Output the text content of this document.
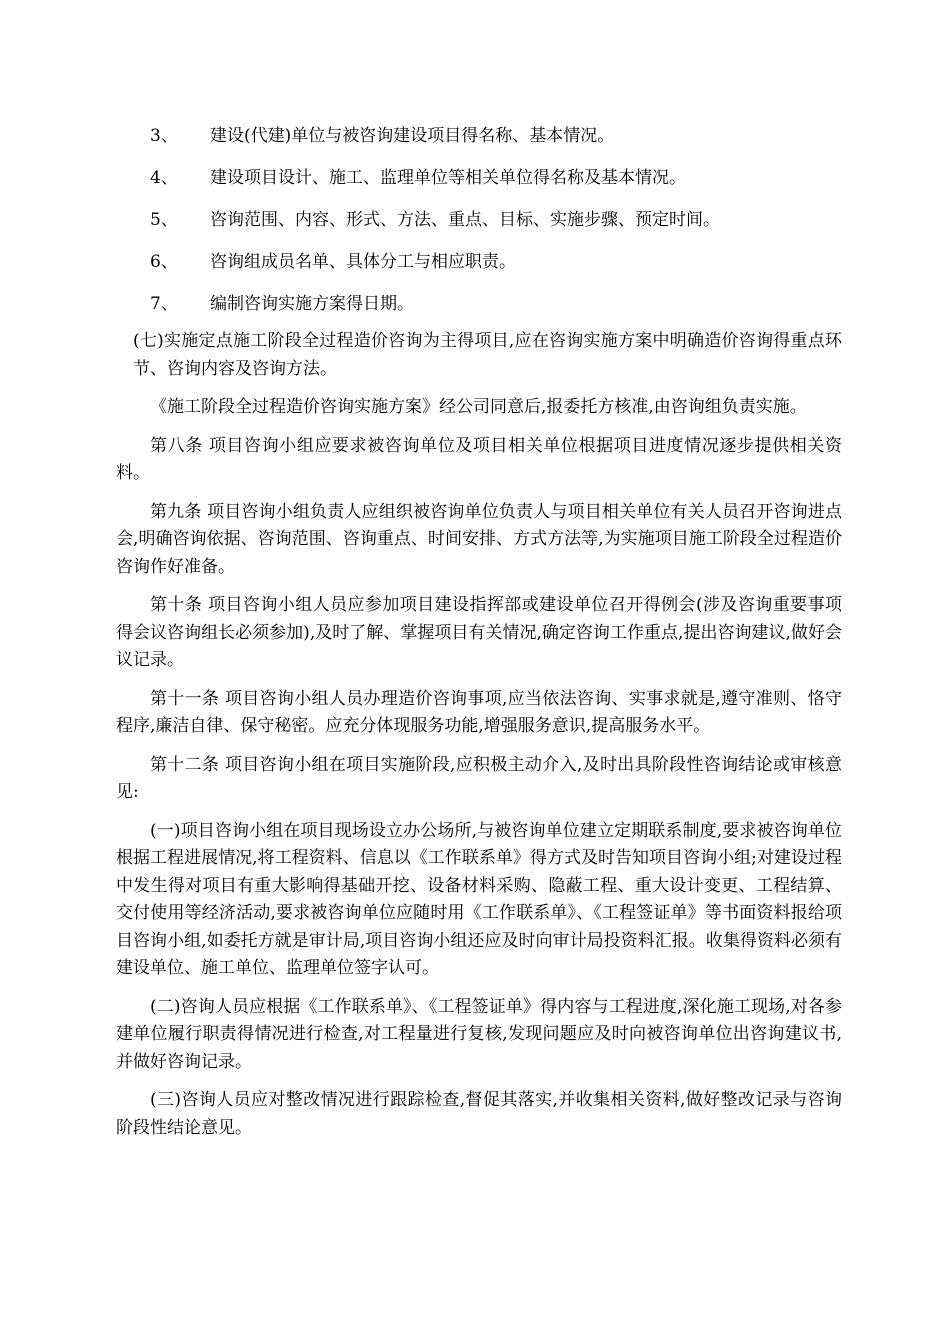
3、 建设(代建)单位与被咨询建设项目得名称、基本情况。
4、 建设项目设计、施工、监理单位等相关单位得名称及基本情况。
5、 咨询范围、内容、形式、方法、重点、目标、实施步骤、预定时间。
6、 咨询组成员名单、具体分工与相应职责。
7、 编制咨询实施方案得日期。

(七)实施定点施工阶段全过程造价咨询为主得项目,应在咨询实施方案中明确造价咨询得重点环节、咨询内容及咨询方法。

《施工阶段全过程造价咨询实施方案》经公司同意后,报委托方核准,由咨询组负责实施。

第八条 项目咨询小组应要求被咨询单位及项目相关单位根据项目进度情况逐步提供相关资料。

第九条 项目咨询小组负责人应组织被咨询单位负责人与项目相关单位有关人员召开咨询进点会,明确咨询依据、咨询范围、咨询重点、时间安排、方式方法等,为实施项目施工阶段全过程造价咨询作好准备。

第十条 项目咨询小组人员应参加项目建设指挥部或建设单位召开得例会(涉及咨询重要事项得会议咨询组长必须参加),及时了解、掌握项目有关情况,确定咨询工作重点,提出咨询建议,做好会议记录。

第十一条 项目咨询小组人员办理造价咨询事项,应当依法咨询、实事求就是,遵守准则、恪守程序,廉洁自律、保守秘密。应充分体现服务功能,增强服务意识,提高服务水平。

第十二条 项目咨询小组在项目实施阶段,应积极主动介入,及时出具阶段性咨询结论或审核意见:

(一)项目咨询小组在项目现场设立办公场所,与被咨询单位建立定期联系制度,要求被咨询单位根据工程进展情况,将工程资料、信息以《工作联系单》得方式及时告知项目咨询小组;对建设过程中发生得对项目有重大影响得基础开挖、设备材料采购、隐蔽工程、重大设计变更、工程结算、交付使用等经济活动,要求被咨询单位应随时用《工作联系单》、《工程签证单》等书面资料报给项目咨询小组,如委托方就是审计局,项目咨询小组还应及时向审计局投资料汇报。收集得资料必须有建设单位、施工单位、监理单位签字认可。

(二)咨询人员应根据《工作联系单》、《工程签证单》得内容与工程进度,深化施工现场,对各参建单位履行职责得情况进行检查,对工程量进行复核,发现问题应及时向被咨询单位出咨询建议书,并做好咨询记录。

(三)咨询人员应对整改情况进行跟踪检查,督促其落实,并收集相关资料,做好整改记录与咨询阶段性结论意见。
